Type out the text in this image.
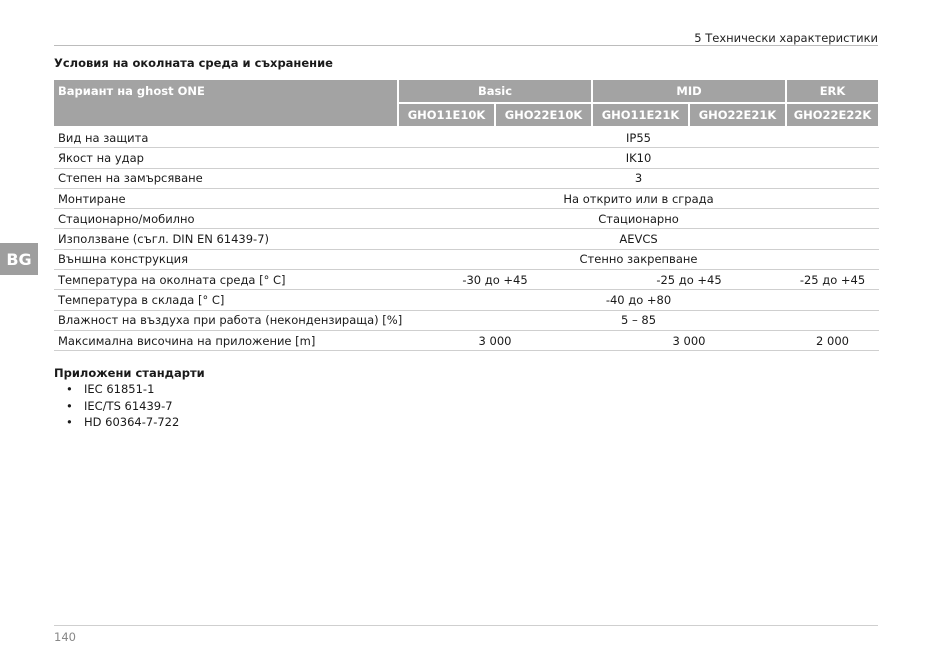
5 Технически характеристики
Условия на околната среда и съхранение
BG
Вариант на ghost ONE	Basic		MID		ERK
	GHO11E10K	GHO22E10K	GHO11E21K	GHO22E21K	GHO22E22K
Вид на защита	IP55				
Якост на удар	IK10				
Степен на замърсяване	3				
Монтиране	На открито или в сграда				
Стационарно/мобилно	Стационарно				
Използване (съгл. DIN EN 61439-7)	AEVCS				
Външна конструкция	Стенно закрепване				
Температура на околната среда [° C]	-30 до +45		-25 до +45		-25 до +45
Температура в склада [° C]	-40 до +80				
Влажност на въздуха при работа (некондензираща) [%]	5 – 85				
Максимална височина на приложение [m]	3 000		3 000		2 000
Приложени стандарти
• IEC 61851-1
• IEC/TS 61439-7
• HD 60364-7-722
140
